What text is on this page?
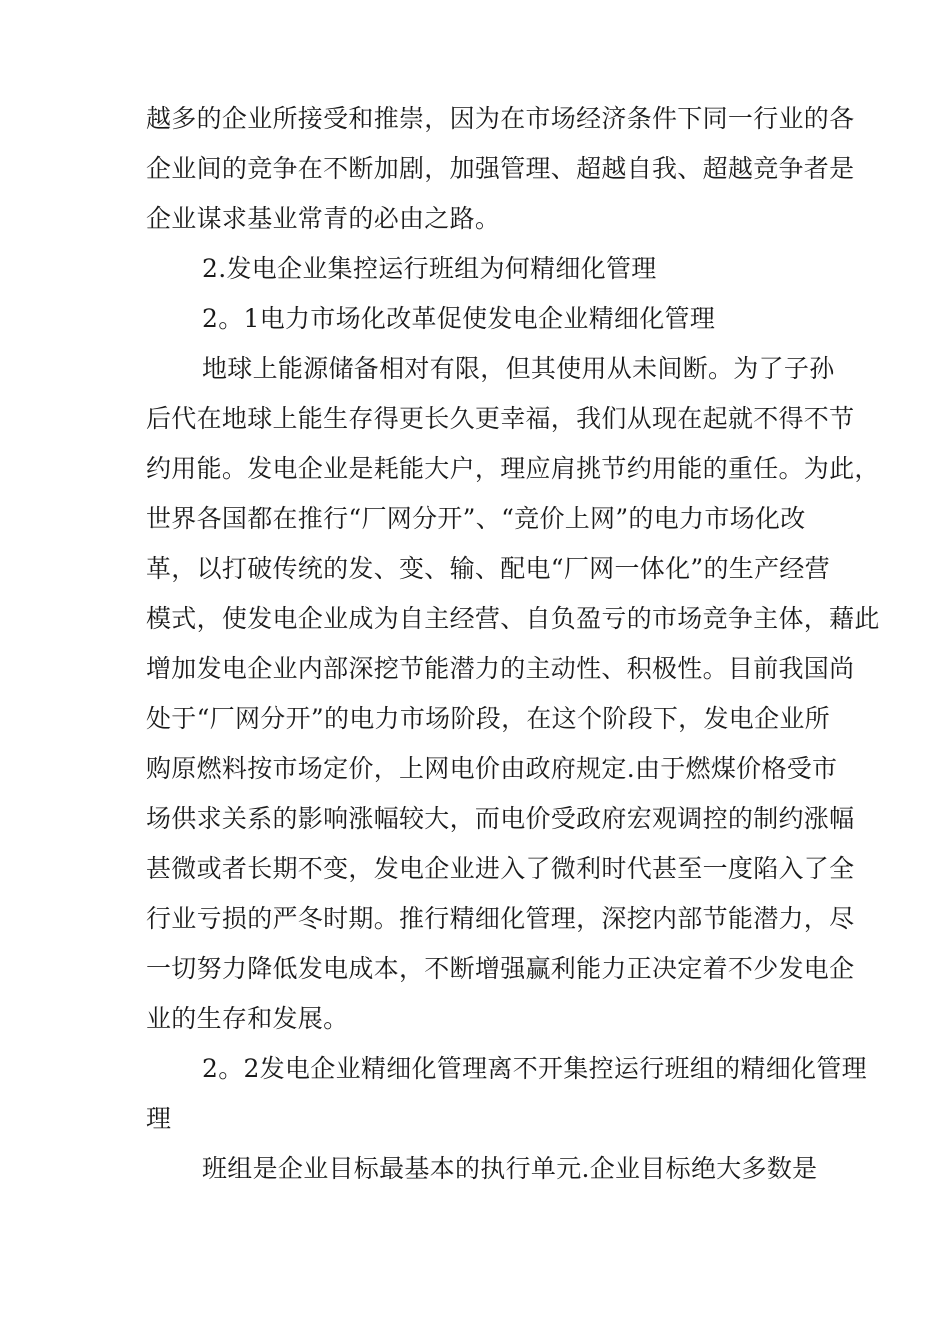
越多的企业所接受和推崇，因为在市场经济条件下同一行业的各
企业间的竞争在不断加剧，加强管理、超越自我、超越竞争者是
企业谋求基业常青的必由之路。
2.发电企业集控运行班组为何精细化管理
2。1电力市场化改革促使发电企业精细化管理
地球上能源储备相对有限，但其使用从未间断。为了子孙
后代在地球上能生存得更长久更幸福，我们从现在起就不得不节
约用能。发电企业是耗能大户，理应肩挑节约用能的重任。为此，
世界各国都在推行“厂网分开”、“竞价上网”的电力市场化改
革，以打破传统的发、变、输、配电“厂网一体化”的生产经营
模式，使发电企业成为自主经营、自负盈亏的市场竞争主体，藉此
增加发电企业内部深挖节能潜力的主动性、积极性。目前我国尚
处于“厂网分开”的电力市场阶段，在这个阶段下，发电企业所
购原燃料按市场定价，上网电价由政府规定.由于燃煤价格受市
场供求关系的影响涨幅较大，而电价受政府宏观调控的制约涨幅
甚微或者长期不变，发电企业进入了微利时代甚至一度陷入了全
行业亏损的严冬时期。推行精细化管理，深挖内部节能潜力，尽
一切努力降低发电成本，不断增强赢利能力正决定着不少发电企
业的生存和发展。
2。2发电企业精细化管理离不开集控运行班组的精细化管理
理
班组是企业目标最基本的执行单元.企业目标绝大多数是
